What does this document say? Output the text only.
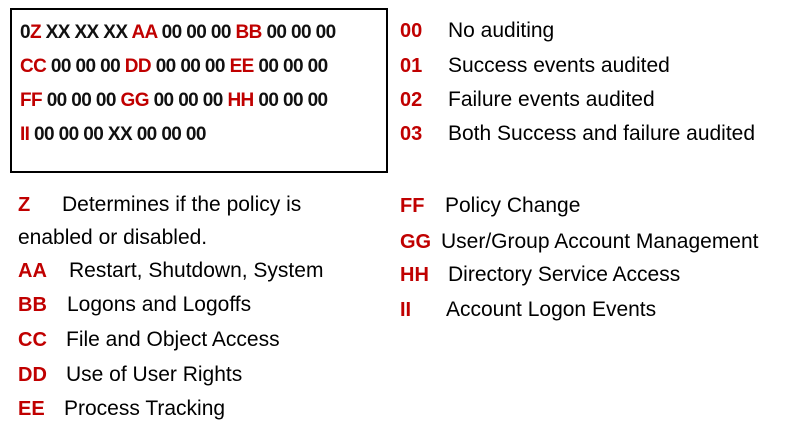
0Z XX XX XX AA 00 00 00 BB 00 00 00
CC 00 00 00 DD 00 00 00 EE 00 00 00
FF 00 00 00 GG 00 00 00 HH 00 00 00
II 00 00 00 XX 00 00 00
00 No auditing
01 Success events audited
02 Failure events audited
03 Both Success and failure audited
Z Determines if the policy is
enabled or disabled.
AA Restart, Shutdown, System
BB Logons and Logoffs
CC File and Object Access
DD Use of User Rights
EE Process Tracking
FF Policy Change
GG User/Group Account Management
HH Directory Service Access
II Account Logon Events
